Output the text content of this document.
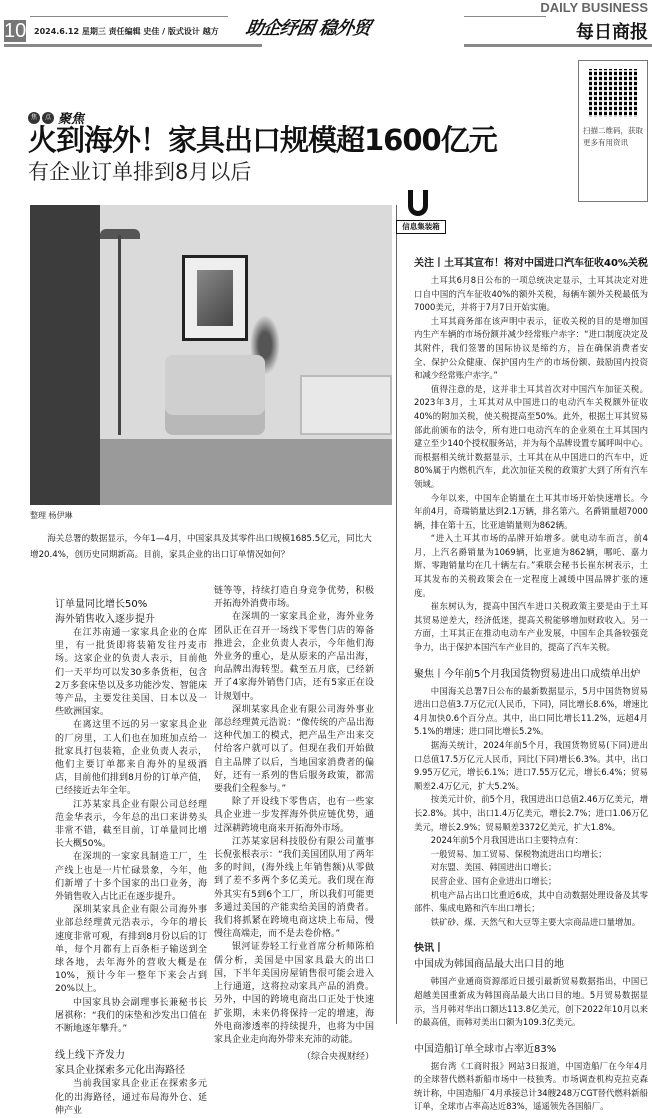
10 2024.6.12 星期三 责任编辑 史佳 / 版式设计 越方 助企纾困 稳外贸
DAILY BUSINESS
每日商报
扫描二维码，获取更多有用资讯
焦	点 聚焦
火到海外！家具出口规模超1600亿元
有企业订单排到8月以后
整理 杨伊琳

海关总署的数据显示，今年1—4月，中国家具及其零件出口规模1685.5亿元，同比大增20.4%，创历史同期新高。目前，家具企业的出口订单情况如何？

订单量同比增长50%
海外销售收入逐步提升

在江苏南通一家家具企业的仓库里，有一批货即将装箱发往丹麦市场。这家企业的负责人表示，目前他们一天平均可以发30多条货柜，包含2万多套床垫以及多功能沙发、智能床等产品，主要发往美国、日本以及一些欧洲国家。

在离这里不远的另一家家具企业的厂房里，工人们也在加班加点给一批家具打包装箱，企业负责人表示，他们主要订单都来自海外的星级酒店，目前他们排到8月份的订单产值，已经接近去年全年。

江苏某家具企业有限公司总经理范金华表示，今年总的出口来讲势头非常不错，截至目前，订单量同比增长大概50%。

在深圳的一家家具制造工厂，生产线上也是一片忙碌景象，今年，他们新增了十多个国家的出口业务，海外销售收入占比正在逐步提升。

深圳某家具企业有限公司海外事业部总经理黄元浩表示，今年的增长速度非常可观，有排到8月份以后的订单，每个月都有上百条柜子输送到全球各地，去年海外的营收大概是在10%，预计今年一整年下来会占到20%以上。

中国家具协会副理事长兼秘书长屠祺称：“我们的床垫和沙发出口值在不断地逐年攀升。”

线上线下齐发力
家具企业探索多元化出海路径

当前我国家具企业正在探索多元化的出海路径，通过布局海外仓、延伸产业

链等等，持续打造自身竞争优势，积极开拓海外消费市场。

在深圳的一家家具企业，海外业务团队正在召开一场线下零售门店的筹备推进会，企业负责人表示，今年他们海外业务的重心，是从原来的产品出海，向品牌出海转型。截至五月底，已经新开了4家海外销售门店，还有5家正在设计规划中。

深圳某家具企业有限公司海外事业部总经理黄元浩说：“像传统的产品出海这种代加工的模式，把产品生产出来交付给客户就可以了。但现在我们开始做自主品牌了以后，当地国家消费者的偏好，还有一系列的售后服务政策，都需要我们全程参与。”

除了开设线下零售店，也有一些家具企业进一步发挥海外供应链优势，通过深耕跨境电商来开拓海外市场。

江苏某家居科技股份有限公司董事长倪张根表示：“我们美国团队用了两年多的时间，(海外线上年销售额)从零做到了差不多两个多亿美元。我们现在海外其实有5到6个工厂，所以我们可能更多通过美国的产能卖给美国的消费者。我们将抓紧在跨境电商这块上布局，慢慢往高端走，而不是去卷价格。”

银河证券轻工行业首席分析师陈柏儒分析，美国是中国家具最大的出口国，下半年美国房屋销售很可能会进入上行通道，这将拉动家具产品的消费。另外，中国的跨境电商出口正处于快速扩张期，未来仍将保持一定的增速，海外电商渗透率的持续提升，也将为中国家具企业走向海外带来充沛的动能。

（综合央视财经）
信息集装箱
关注丨土耳其宣布！将对中国进口汽车征收40%关税

土耳其6月8日公布的一项总统决定显示，土耳其决定对进口自中国的汽车征收40%的额外关税，每辆车额外关税最低为7000美元，并将于7月7日开始实施。

土耳其商务部在该声明中表示，征收关税的目的是增加国内生产车辆的市场份额并减少经常账户赤字：“进口制度决定及其附件，我们签署的国际协议是缔约方，旨在确保消费者安全、保护公众健康、保护国内生产的市场份额、鼓励国内投资和减少经常账户赤字。”

值得注意的是，这并非土耳其首次对中国汽车加征关税。2023年3月，土耳其对从中国进口的电动汽车关税额外征收40%的附加关税，使关税提高至50%。此外，根据土耳其贸易部此前颁布的法令，所有进口电动汽车的企业须在土耳其国内建立至少140个授权服务站，并为每个品牌设置专属呼叫中心。而根据相关统计数据显示，土耳其在从中国进口的汽车中，近80%属于内燃机汽车，此次加征关税的政策扩大到了所有汽车领域。

今年以来，中国车企销量在土耳其市场开始快速增长。今年前4月，奇瑞销量达到2.1万辆，排名第六。名爵销量超7000辆，排在第十五，比亚迪销量则为862辆。

“进入土耳其市场的品牌开始增多。就电动车而言，前4月，上汽名爵销量为1069辆，比亚迪为862辆，哪吒、嘉力斯、零跑销量均在几十辆左右。”乘联会秘书长崔东树表示，土耳其发布的关税政策会在一定程度上减缓中国品牌扩张的速度。

崔东树认为，提高中国汽车进口关税政策主要是由于土耳其贸易逆差大，经济低迷，提高关税能够增加财政收入。另一方面，土耳其正在推动电动车产业发展，中国车企具备较强竞争力，出于保护本国汽车产业目的，提高了汽车关税。

聚焦丨今年前5个月我国货物贸易进出口成绩单出炉

中国海关总署7日公布的最新数据显示，5月中国货物贸易进出口总值3.7万亿元(人民币，下同)，同比增长8.6%，增速比4月加快0.6个百分点。其中，出口同比增长11.2%，远超4月5.1%的增速；进口同比增长5.2%。

据海关统计，2024年前5个月，我国货物贸易(下同)进出口总值17.5万亿元人民币，同比(下同)增长6.3%。其中，出口9.95万亿元，增长6.1%；进口7.55万亿元，增长6.4%；贸易顺差2.4万亿元，扩大5.2%。

按美元计价，前5个月，我国进出口总值2.46万亿美元，增长2.8%。其中，出口1.4万亿美元，增长2.7%；进口1.06万亿美元，增长2.9%；贸易顺差3372亿美元，扩大1.8%。

2024年前5个月我国进出口主要特点有：

一般贸易、加工贸易、保税物流进出口均增长；

对东盟、美国、韩国进出口增长；

民营企业、国有企业进出口增长；

机电产品占出口比重近6成，其中自动数据处理设备及其零部件、集成电路和汽车出口增长；

铁矿砂、煤、天然气和大豆等主要大宗商品进口量增加。

快讯丨
中国成为韩国商品最大出口目的地

韩国产业通商资源部近日援引最新贸易数据指出，中国已超越美国重新成为韩国商品最大出口目的地。5月贸易数据显示，当月韩对华出口额达113.8亿美元，创下2022年10月以来的最高值，而韩对美出口额为109.3亿美元。

中国造船订单全球市占率近83%

据台湾《工商时报》网站3日报道，中国造船厂在今年4月的全球替代燃料新船市场中一枝独秀。市场调查机构克拉克森统计称，中国造船厂4月承接总计34艘248万CGT替代燃料新船订单，全球市占率高达近83%，遥遥领先各国船厂。
